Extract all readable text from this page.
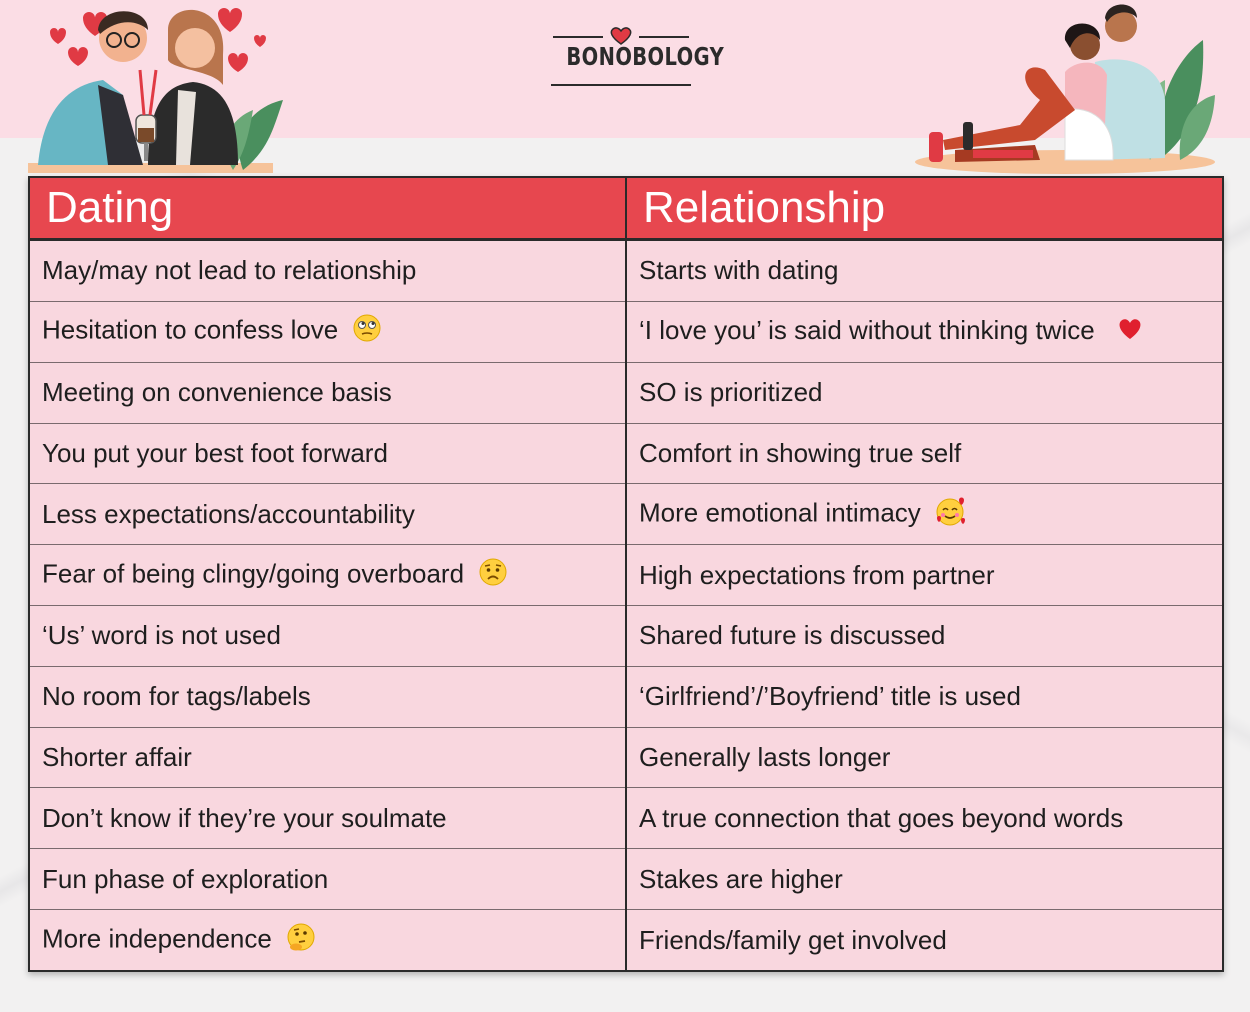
BONOBOLOGY
Dating	Relationship
May/may not lead to relationship	Starts with dating
Hesitation to confess love	‘I love you’ is said without thinking twice
Meeting on convenience basis	SO is prioritized
You put your best foot forward	Comfort in showing true self
Less expectations/accountability	More emotional intimacy
Fear of being clingy/going overboard	High expectations from partner
‘Us’ word is not used	Shared future is discussed
No room for tags/labels	‘Girlfriend’/’Boyfriend’ title is used
Shorter affair	Generally lasts longer
Don’t know if they’re your soulmate	A true connection that goes beyond words
Fun phase of exploration	Stakes are higher
More independence	Friends/family get involved
